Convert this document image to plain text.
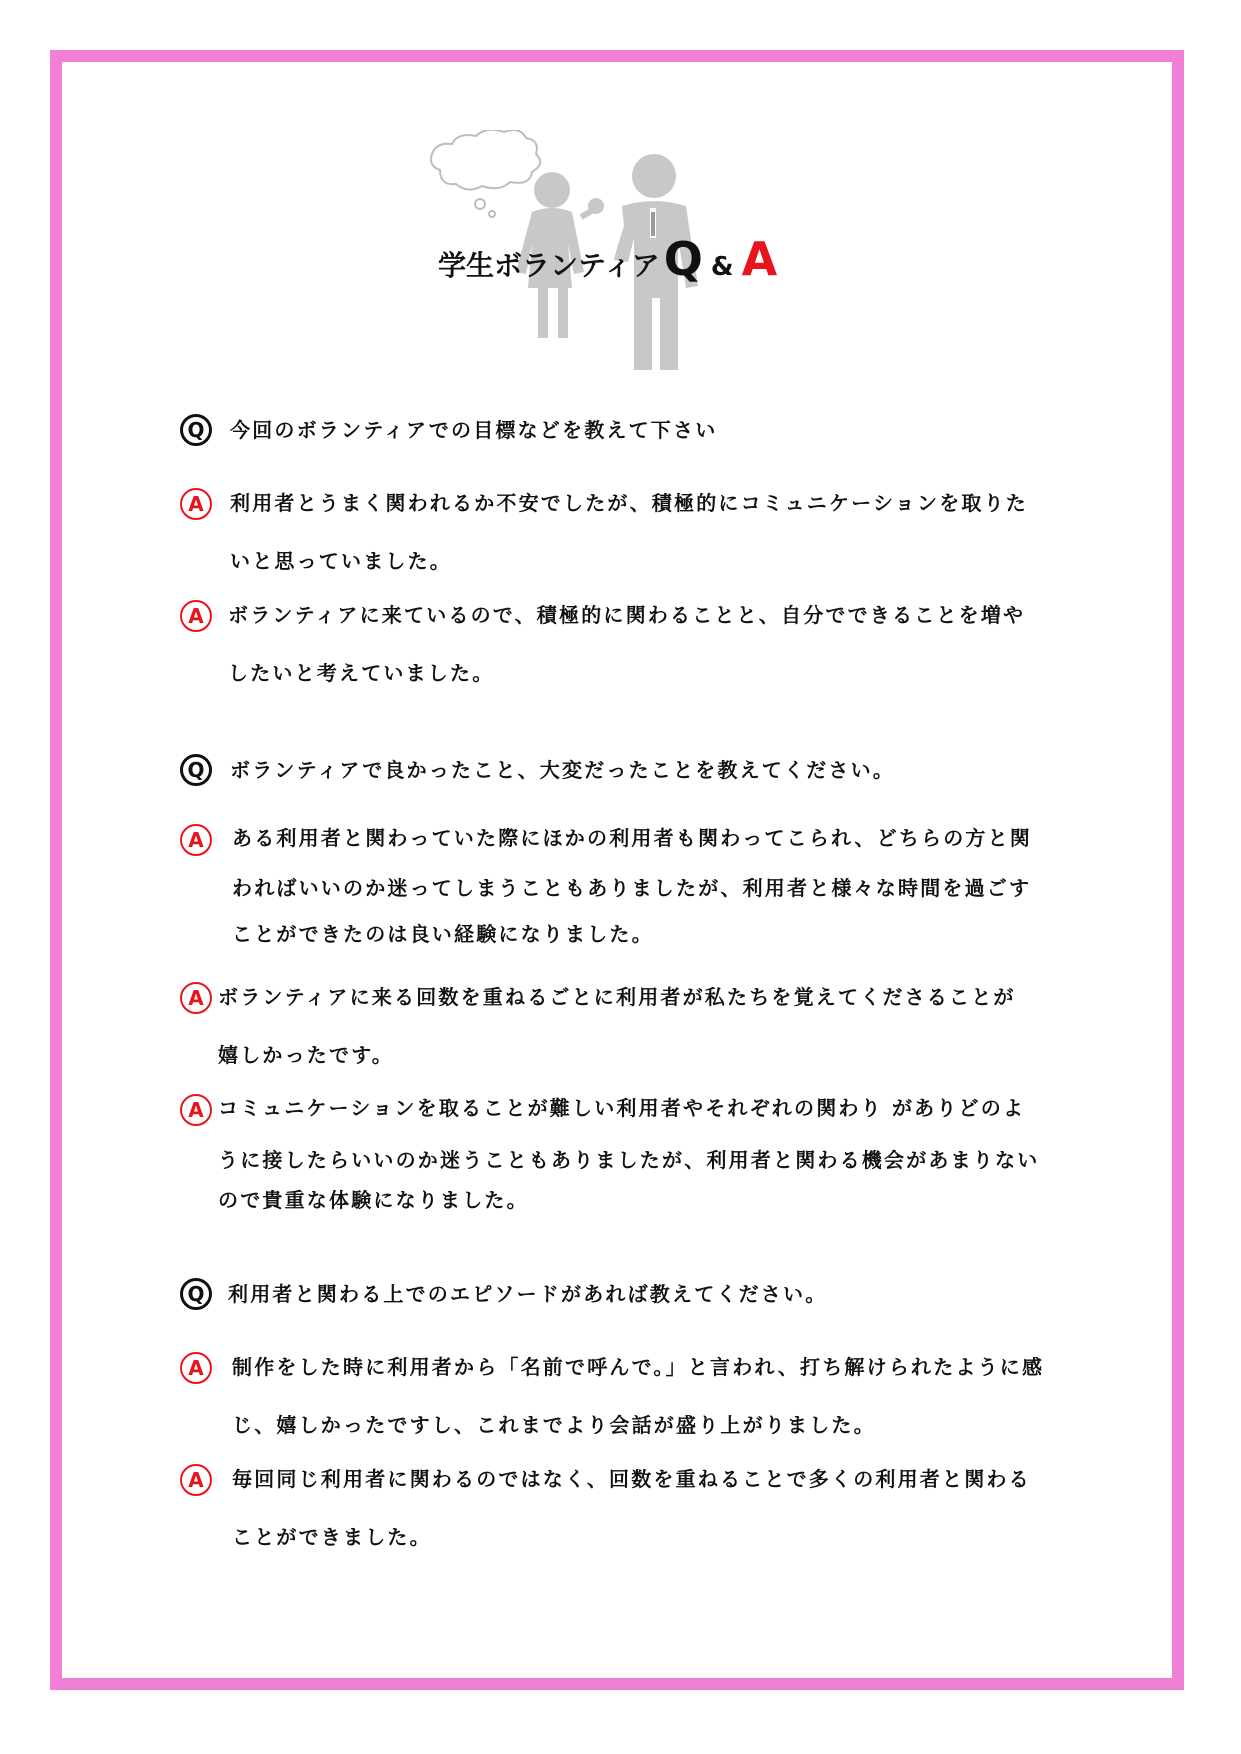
学生ボランティア Q & A
Q	今回のボランティアでの目標などを教えて下さい
A	利用者とうまく関われるか不安でしたが、積極的にコミュニケーションを取りた
いと思っていました。
A	ボランティアに来ているので、積極的に関わることと、自分でできることを増や
したいと考えていました。
Q	ボランティアで良かったこと、大変だったことを教えてください。
A	ある利用者と関わっていた際にほかの利用者も関わってこられ、どちらの方と関
わればいいのか迷ってしまうこともありましたが、利用者と様々な時間を過ごす
ことができたのは良い経験になりました。
A ボランティアに来る回数を重ねるごとに利用者が私たちを覚えてくださることが
嬉しかったです。
A コミュニケーションを取ることが難しい利用者やそれぞれの関わり がありどのよ
うに接したらいいのか迷うこともありましたが、利用者と関わる機会があまりない
ので貴重な体験になりました。
Q	利用者と関わる上でのエピソードがあれば教えてください。
A	制作をした時に利用者から「名前で呼んで。」と言われ、打ち解けられたように感
じ、嬉しかったですし、これまでより会話が盛り上がりました。
A	毎回同じ利用者に関わるのではなく、回数を重ねることで多くの利用者と関わる
ことができました。
